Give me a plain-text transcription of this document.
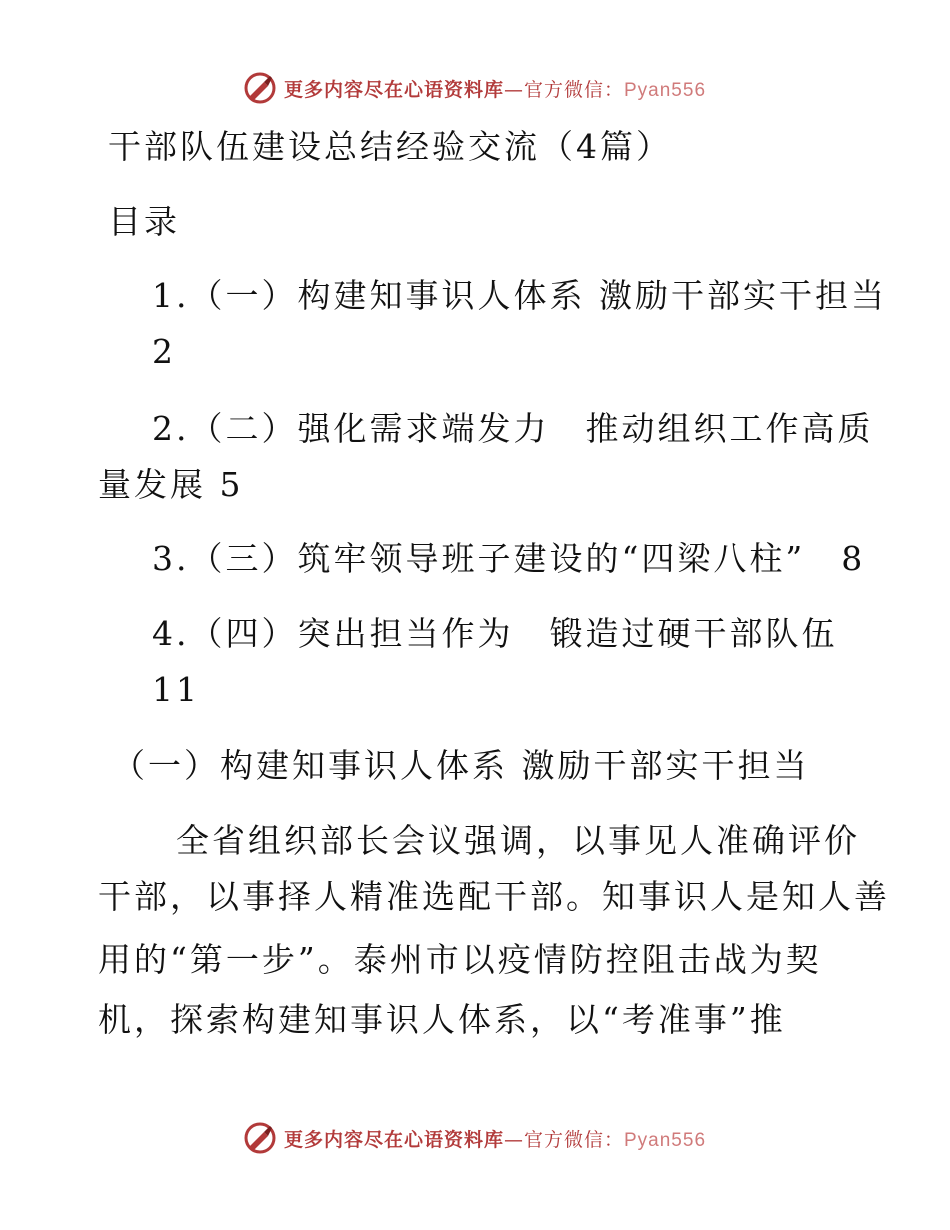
更多内容尽在心语资料库—官方微信：Pyan556
干部队伍建设总结经验交流（4篇）
目录
1.（一）构建知事识人体系 激励干部实干担当
2
2.（二）强化需求端发力　推动组织工作高质
量发展 5
3.（三）筑牢领导班子建设的“四梁八柱”　8
4.（四）突出担当作为　锻造过硬干部队伍
11
（一）构建知事识人体系 激励干部实干担当
全省组织部长会议强调，以事见人准确评价
干部，以事择人精准选配干部。知事识人是知人善
用的“第一步”。泰州市以疫情防控阻击战为契
机，探索构建知事识人体系，以“考准事”推
更多内容尽在心语资料库—官方微信：Pyan556
